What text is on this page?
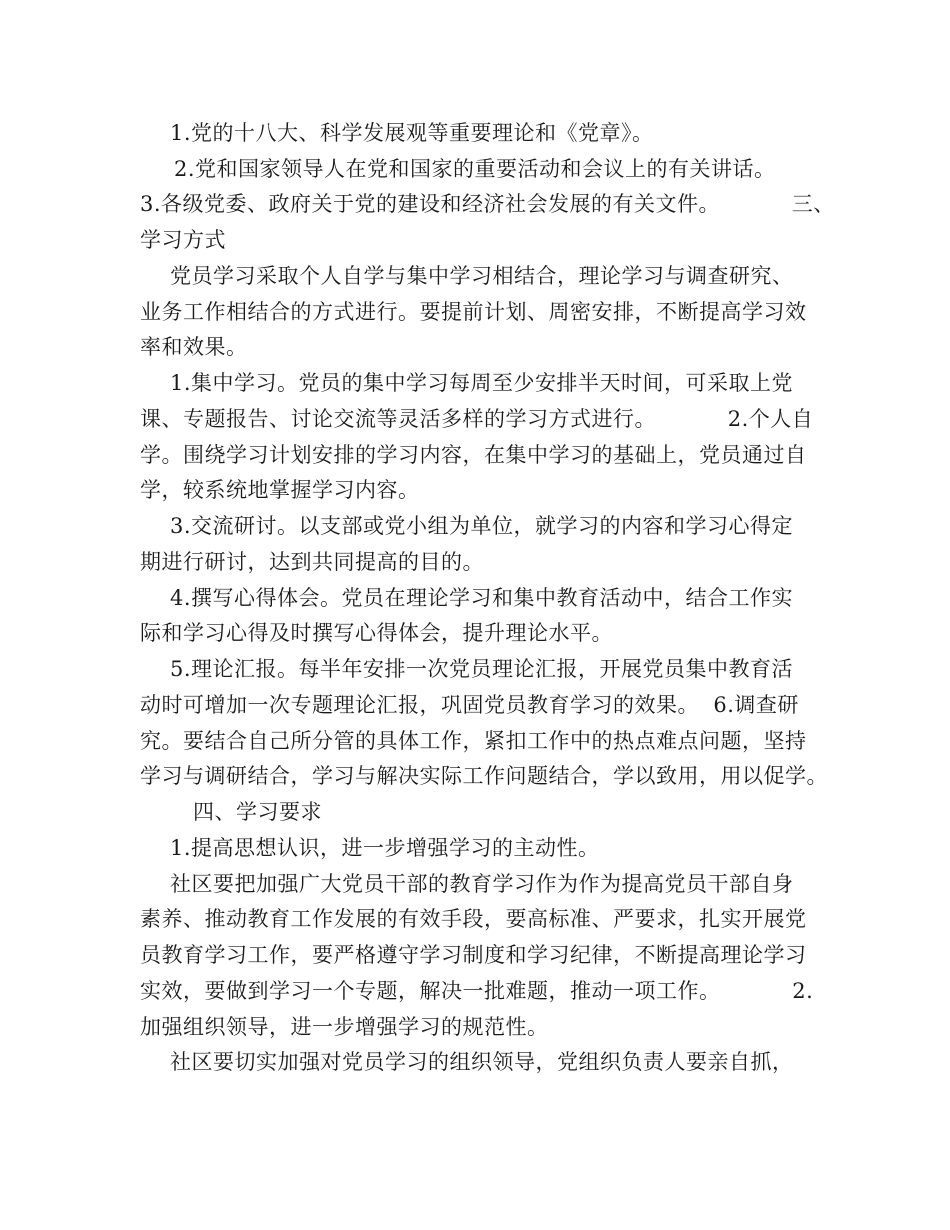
1.党的十八大、科学发展观等重要理论和《党章》。

2.党和国家领导人在党和国家的重要活动和会议上的有关讲话。

3.各级党委、政府关于党的建设和经济社会发展的有关文件。          三、

学习方式

党员学习采取个人自学与集中学习相结合，理论学习与调查研究、

业务工作相结合的方式进行。要提前计划、周密安排，不断提高学习效

率和效果。

1.集中学习。党员的集中学习每周至少安排半天时间，可采取上党

课、专题报告、讨论交流等灵活多样的学习方式进行。          2.个人自

学。围绕学习计划安排的学习内容，在集中学习的基础上，党员通过自

学，较系统地掌握学习内容。

3.交流研讨。以支部或党小组为单位，就学习的内容和学习心得定

期进行研讨，达到共同提高的目的。

4.撰写心得体会。党员在理论学习和集中教育活动中，结合工作实

际和学习心得及时撰写心得体会，提升理论水平。

5.理论汇报。每半年安排一次党员理论汇报，开展党员集中教育活

动时可增加一次专题理论汇报，巩固党员教育学习的效果。  6.调查研

究。要结合自己所分管的具体工作，紧扣工作中的热点难点问题，坚持

学习与调研结合，学习与解决实际工作问题结合，学以致用，用以促学。

四、学习要求

1.提高思想认识，进一步增强学习的主动性。

社区要把加强广大党员干部的教育学习作为作为提高党员干部自身

素养、推动教育工作发展的有效手段，要高标准、严要求，扎实开展党

员教育学习工作，要严格遵守学习制度和学习纪律，不断提高理论学习

实效，要做到学习一个专题，解决一批难题，推动一项工作。          2.

加强组织领导，进一步增强学习的规范性。

社区要切实加强对党员学习的组织领导，党组织负责人要亲自抓，
